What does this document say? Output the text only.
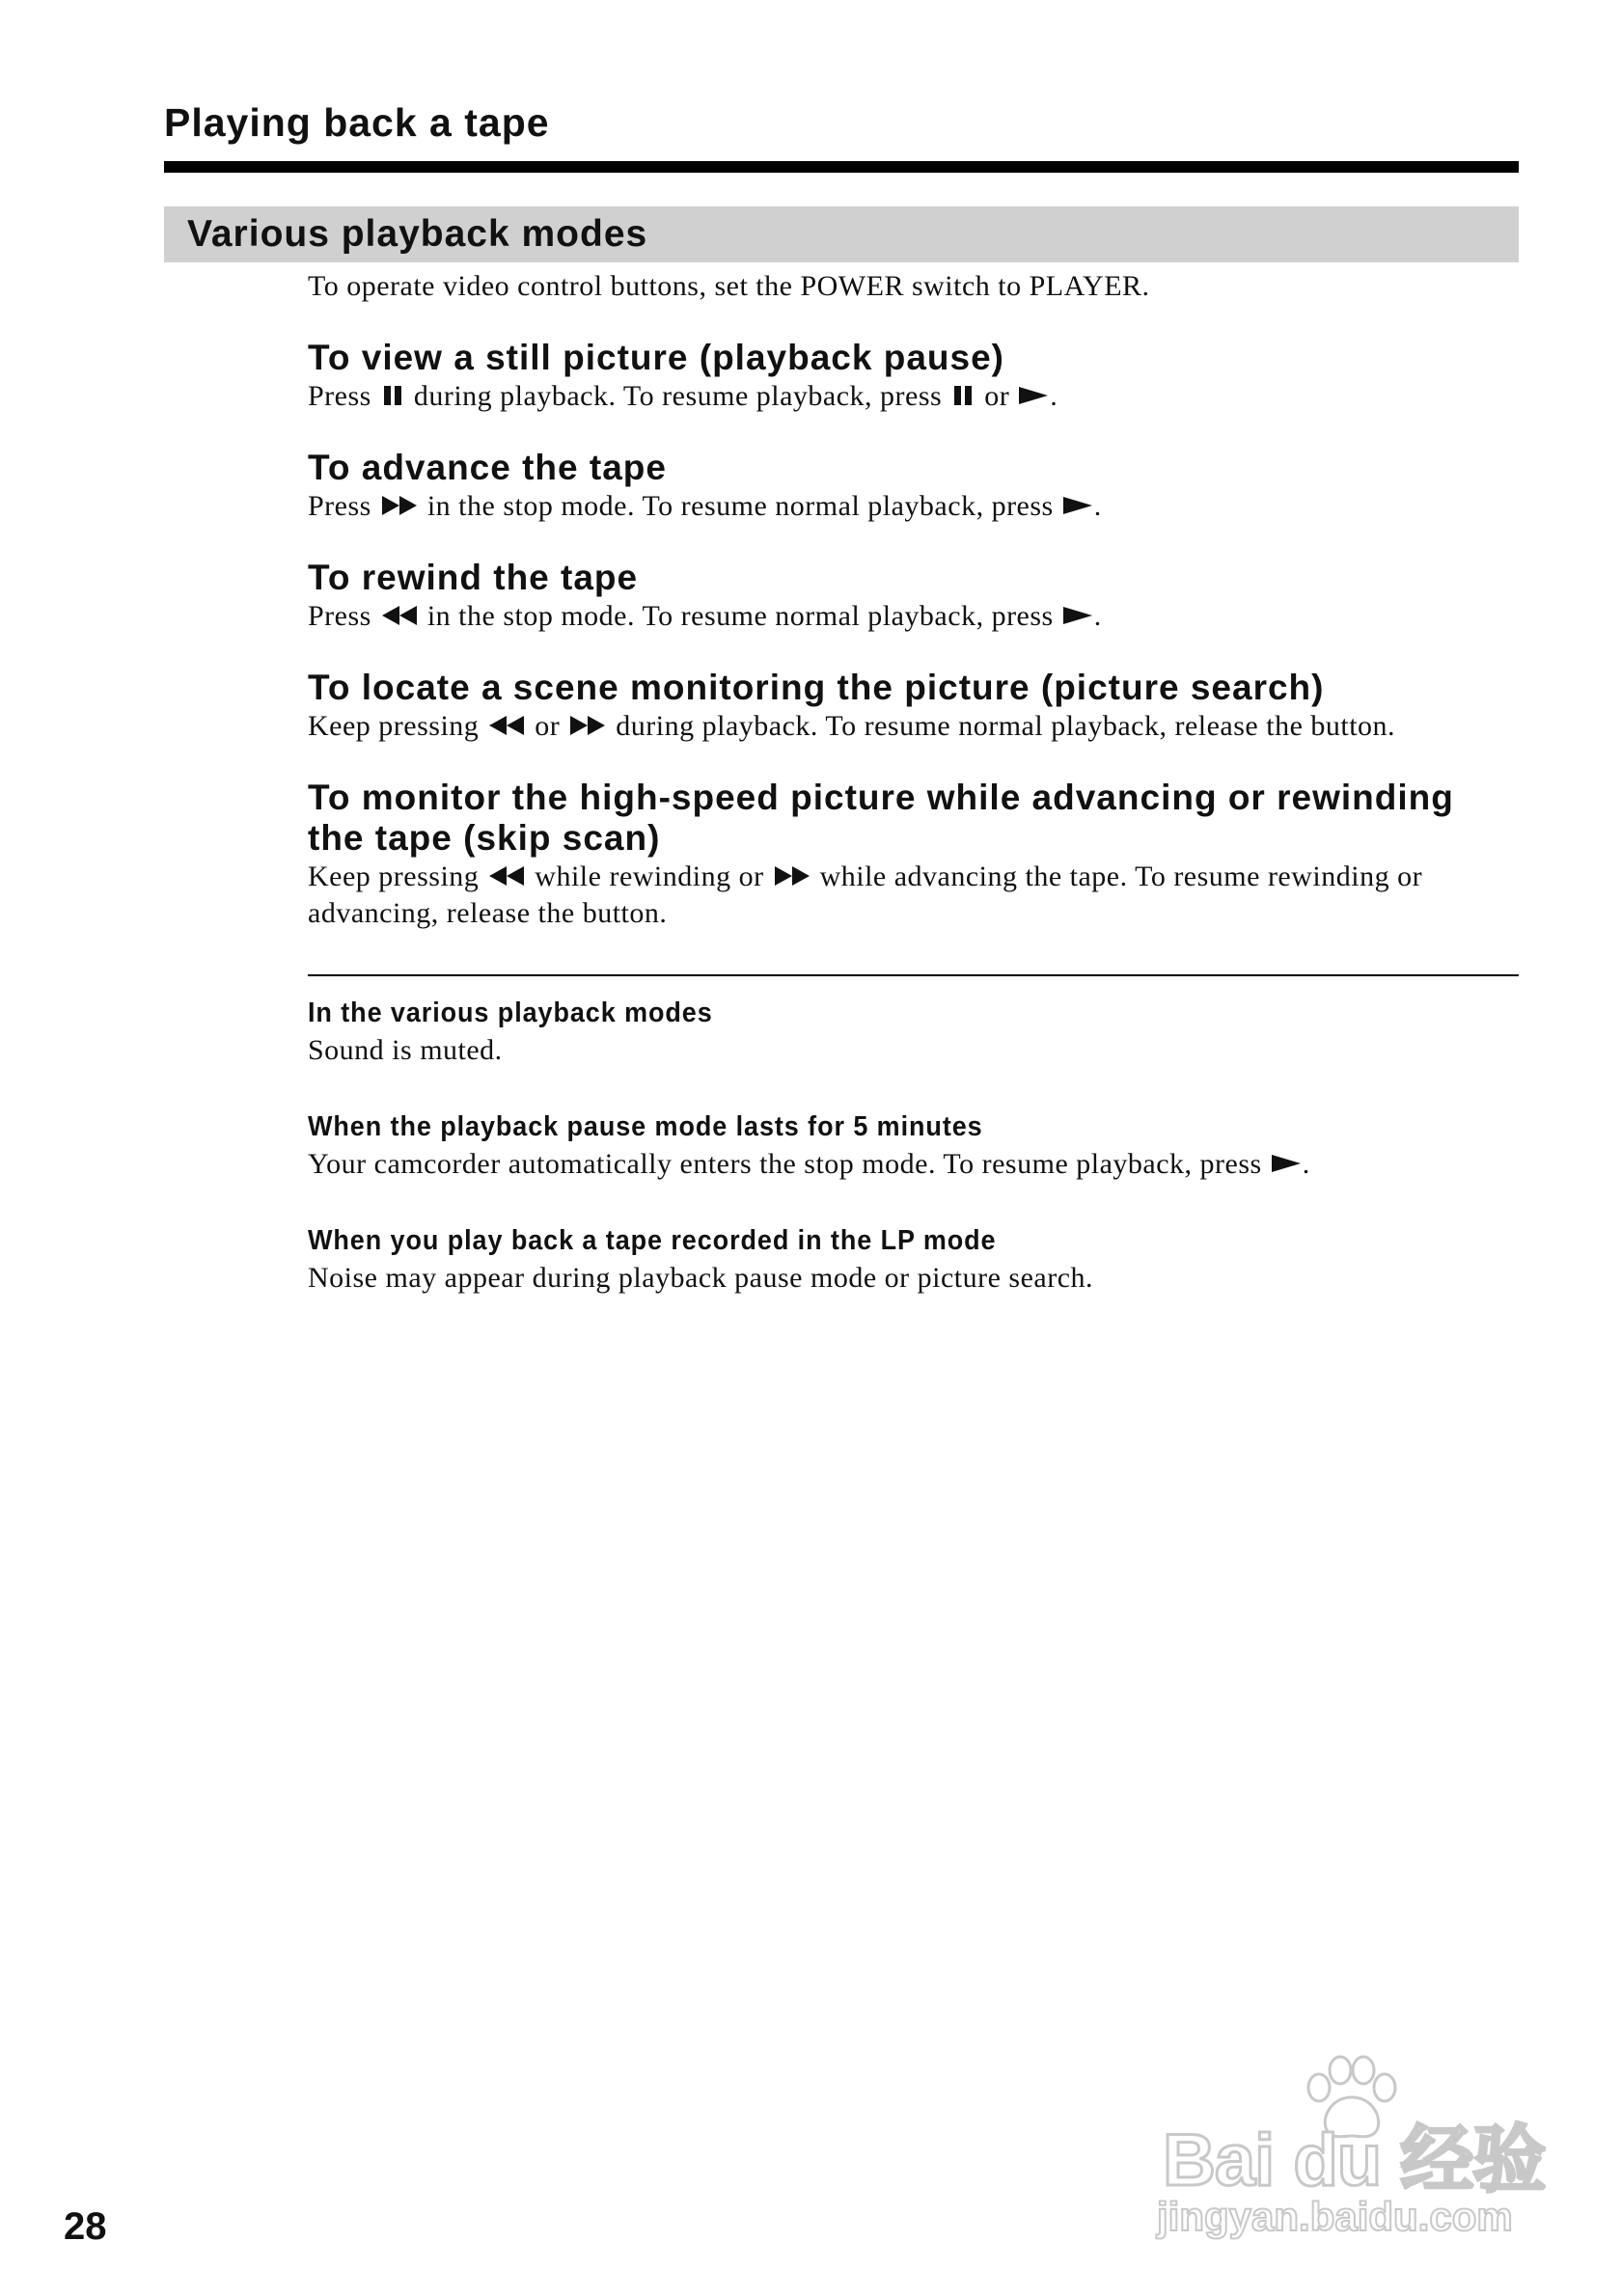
Playing back a tape
Various playback modes
To operate video control buttons, set the POWER switch to PLAYER.
To view a still picture (playback pause)
Press  during playback. To resume playback, press  or .
To advance the tape
Press  in the stop mode. To resume normal playback, press .
To rewind the tape
Press  in the stop mode. To resume normal playback, press .
To locate a scene monitoring the picture (picture search)
Keep pressing  or  during playback. To resume normal playback, release the button.
To monitor the high-speed picture while advancing or rewinding the tape (skip scan)
Keep pressing  while rewinding or  while advancing the tape. To resume rewinding or advancing, release the button.
In the various playback modes
Sound is muted.
When the playback pause mode lasts for 5 minutes
Your camcorder automatically enters the stop mode. To resume playback, press .
When you play back a tape recorded in the LP mode
Noise may appear during playback pause mode or picture search.
28
Bai du 经验
jingyan.baidu.com
